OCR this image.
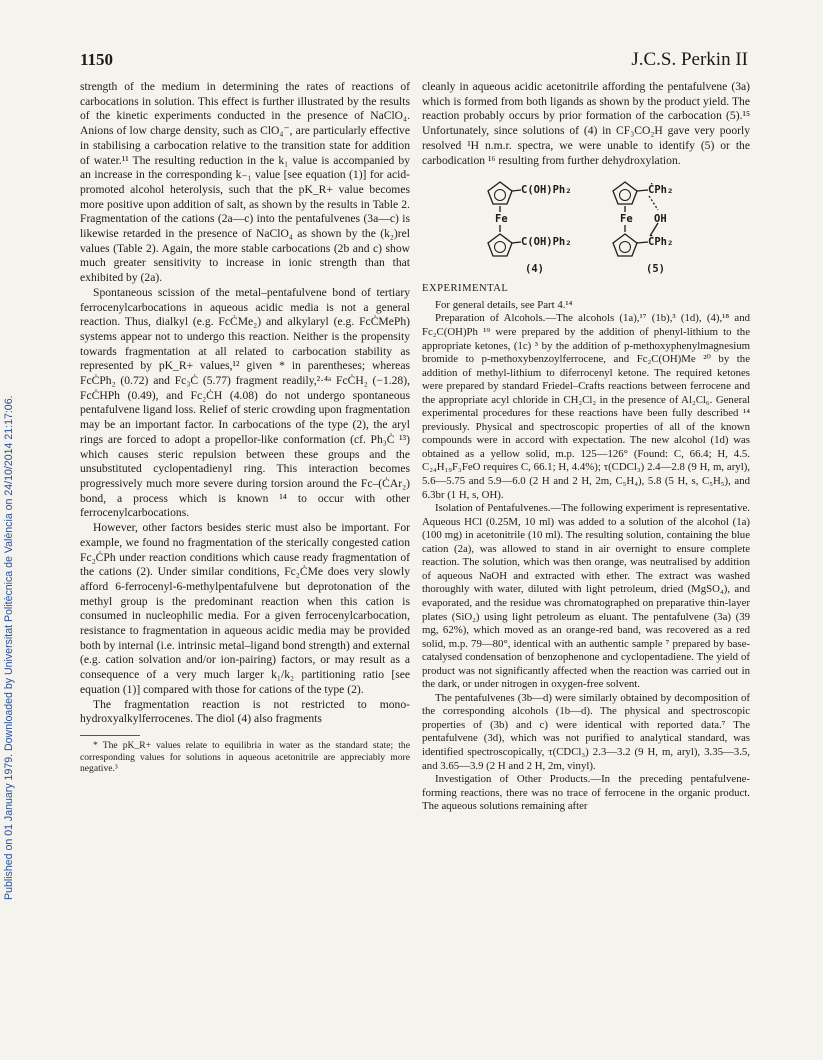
Published on 01 January 1979. Downloaded by Universitat Politècnica de València on 24/10/2014 21:17:06.
1150	J.C.S. Perkin II

strength of the medium in determining the rates of reactions of carbocations in solution. This effect is further illustrated by the results of the kinetic experiments conducted in the presence of NaClO₄. Anions of low charge density, such as ClO₄⁻, are particularly effective in stabilising a carbocation relative to the transition state for addition of water.¹¹ The resulting reduction in the k₁ value is accompanied by an increase in the corresponding k₋₁ value [see equation (1)] for acid-promoted alcohol heterolysis, such that the pK_R+ value becomes more positive upon addition of salt, as shown by the results in Table 2. Fragmentation of the cations (2a—c) into the pentafulvenes (3a—c) is likewise retarded in the presence of NaClO₄ as shown by the (k₂)rel values (Table 2). Again, the more stable carbocations (2b and c) show much greater sensitivity to increase in ionic strength than that exhibited by (2a).

Spontaneous scission of the metal–pentafulvene bond of tertiary ferrocenylcarbocations in aqueous acidic media is not a general reaction. Thus, dialkyl (e.g. FcĊMe₂) and alkylaryl (e.g. FcĊMePh) systems appear not to undergo this reaction. Neither is the propensity towards fragmentation at all related to carbocation stability as represented by pK_R+ values,¹² given * in parentheses; whereas FcĊPh₂ (0.72) and Fc₃Ċ (5.77) fragment readily,²·⁴ᵃ FcĊH₂ (−1.28), FcĊHPh (0.49), and Fc₂ĊH (4.08) do not undergo spontaneous pentafulvene ligand loss. Relief of steric crowding upon fragmentation may be an important factor. In carbocations of the type (2), the aryl rings are forced to adopt a propellor-like conformation (cf. Ph₃Ċ ¹³) which causes steric repulsion between these groups and the unsubstituted cyclopentadienyl ring. This interaction becomes progressively much more severe during torsion around the Fc–(ĊAr₂) bond, a process which is known ¹⁴ to occur with other ferrocenylcarbocations.

However, other factors besides steric must also be important. For example, we found no fragmentation of the sterically congested cation Fc₂ĊPh under reaction conditions which cause ready fragmentation of the cations (2). Under similar conditions, Fc₂ĊMe does very slowly afford 6-ferrocenyl-6-methylpentafulvene but deprotonation of the methyl group is the predominant reaction when this cation is consumed in nucleophilic media. For a given ferrocenylcarbocation, resistance to fragmentation in aqueous acidic media may be provided both by internal (i.e. intrinsic metal–ligand bond strength) and external (e.g. cation solvation and/or ion-pairing) factors, or may result as a consequence of a very much larger k₁/k₂ partitioning ratio [see equation (1)] compared with those for cations of the type (2).

The fragmentation reaction is not restricted to mono-hydroxyalkylferrocenes. The diol (4) also fragments

* The pK_R+ values relate to equilibria in water as the standard state; the corresponding values for solutions in aqueous acetonitrile are appreciably more negative.³

cleanly in aqueous acidic acetonitrile affording the pentafulvene (3a) which is formed from both ligands as shown by the product yield. The reaction probably occurs by prior formation of the carbocation (5).¹⁵ Unfortunately, since solutions of (4) in CF₃CO₂H gave very poorly resolved ¹H n.m.r. spectra, we were unable to identify (5) or the carbodication ¹⁶ resulting from further dehydroxylation.

C(OH)Ph₂
Fe
C(OH)Ph₂
ĊPh₂
Fe OH
ĊPh₂
(4)	(5)

EXPERIMENTAL

For general details, see Part 4.¹⁴

Preparation of Alcohols.—The alcohols (1a),¹⁷ (1b),³ (1d), (4),¹⁸ and Fc₂C(OH)Ph ¹⁹ were prepared by the addition of phenyl-lithium to the appropriate ketones, (1c) ³ by the addition of p-methoxyphenylmagnesium bromide to p-methoxybenzoylferrocene, and Fc₂C(OH)Me ²⁰ by the addition of methyl-lithium to diferrocenyl ketone. The required ketones were prepared by standard Friedel–Crafts reactions between ferrocene and the appropriate acyl chloride in CH₂Cl₂ in the presence of Al₂Cl₆. General experimental procedures for these reactions have been fully described ¹⁴ previously. Physical and spectroscopic properties of all of the known compounds were in accord with expectation. The new alcohol (1d) was obtained as a yellow solid, m.p. 125—126° (Found: C, 66.4; H, 4.5. C₂₄H₁₉F₃FeO requires C, 66.1; H, 4.4%); τ(CDCl₃) 2.4—2.8 (9 H, m, aryl), 5.6—5.75 and 5.9—6.0 (2 H and 2 H, 2m, C₅H₄), 5.8 (5 H, s, C₅H₅), and 6.3br (1 H, s, OH).

Isolation of Pentafulvenes.—The following experiment is representative. Aqueous HCl (0.25M, 10 ml) was added to a solution of the alcohol (1a) (100 mg) in acetonitrile (10 ml). The resulting solution, containing the blue cation (2a), was allowed to stand in air overnight to ensure complete reaction. The solution, which was then orange, was neutralised by addition of aqueous NaOH and extracted with ether. The extract was washed thoroughly with water, diluted with light petroleum, dried (MgSO₄), and evaporated, and the residue was chromatographed on preparative thin-layer plates (SiO₂) using light petroleum as eluant. The pentafulvene (3a) (39 mg, 62%), which moved as an orange-red band, was recovered as a red solid, m.p. 79—80°, identical with an authentic sample ⁷ prepared by base-catalysed condensation of benzophenone and cyclopentadiene. The yield of product was not significantly affected when the reaction was carried out in the dark, or under nitrogen in oxygen-free solvent.

The pentafulvenes (3b—d) were similarly obtained by decomposition of the corresponding alcohols (1b—d). The physical and spectroscopic properties of (3b) and c) were identical with reported data.⁷ The pentafulvene (3d), which was not purified to analytical standard, was identified spectroscopically, τ(CDCl₃) 2.3—3.2 (9 H, m, aryl), 3.35—3.5, and 3.65—3.9 (2 H and 2 H, 2m, vinyl).

Investigation of Other Products.—In the preceding pentafulvene-forming reactions, there was no trace of ferrocene in the organic product. The aqueous solutions remaining after
